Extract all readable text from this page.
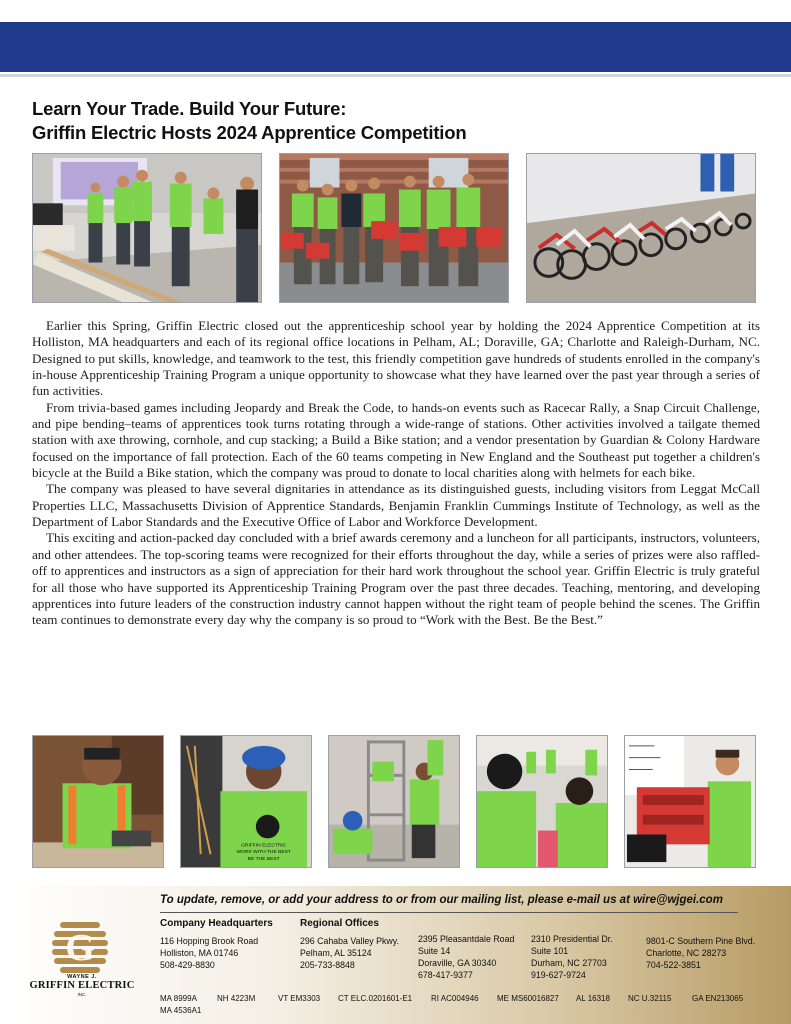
Learn Your Trade. Build Your Future:
Griffin Electric Hosts 2024 Apprentice Competition

Earlier this Spring, Griffin Electric closed out the apprenticeship school year by holding the 2024 Apprentice Competition at its Holliston, MA headquarters and each of its regional office locations in Pelham, AL; Doraville, GA; Charlotte and Raleigh-Durham, NC. Designed to put skills, knowledge, and teamwork to the test, this friendly competition gave hundreds of students enrolled in the company's in-house Apprenticeship Training Program a unique opportunity to showcase what they have learned over the past year through a series of fun activities.

From trivia-based games including Jeopardy and Break the Code, to hands-on events such as Racecar Rally, a Snap Circuit Challenge, and pipe bending–teams of apprentices took turns rotating through a wide-range of stations. Other activities involved a tailgate themed station with axe throwing, cornhole, and cup stacking; a Build a Bike station; and a vendor presentation by Guardian & Colony Hardware focused on the importance of fall protection. Each of the 60 teams competing in New England and the Southeast put together a children's bicycle at the Build a Bike station, which the company was proud to donate to local charities along with helmets for each bike.

The company was pleased to have several dignitaries in attendance as its distinguished guests, including visitors from Leggat McCall Properties LLC, Massachusetts Division of Apprentice Standards, Benjamin Franklin Cummings Institute of Technology, as well as the Department of Labor Standards and the Executive Office of Labor and Workforce Development.

This exciting and action-packed day concluded with a brief awards ceremony and a luncheon for all participants, instructors, volunteers, and other attendees. The top-scoring teams were recognized for their efforts throughout the day, while a series of prizes were also raffled-off to apprentices and instructors as a sign of appreciation for their hard work throughout the school year. Griffin Electric is truly grateful for all those who have supported its Apprenticeship Training Program over the past three decades. Teaching, mentoring, and developing apprentices into future leaders of the construction industry cannot happen without the right team of people behind the scenes. The Griffin team continues to demonstrate every day why the company is so proud to “Work with the Best. Be the Best.”

GRIFFIN ELECTRIC
WORK WITH THE BEST
BE THE BEST
To update, remove, or add your address to or from our mailing list, please e-mail us at wire@wjgei.com
G
WAYNE J.
GRIFFIN ELECTRIC
INC.
Company Headquarters	Regional Offices
116 Hopping Brook Road
Holliston, MA 01746
508-429-8830
296 Cahaba Valley Pkwy.
Pelham, AL 35124
205-733-8848
2395 Pleasantdale Road
Suite 14
Doraville, GA 30340
678-417-9377
2310 Presidential Dr.
Suite 101
Durham, NC 27703
919-627-9724
9801-C Southern Pine Blvd.
Charlotte, NC 28273
704-522-3851
MA 8999A	NH 4223M	VT EM3303 CT ELC.0201601-E1 RI AC004946 ME MS60016827 AL 16318 NC U.32115	GA EN213065
MA 4536A1
